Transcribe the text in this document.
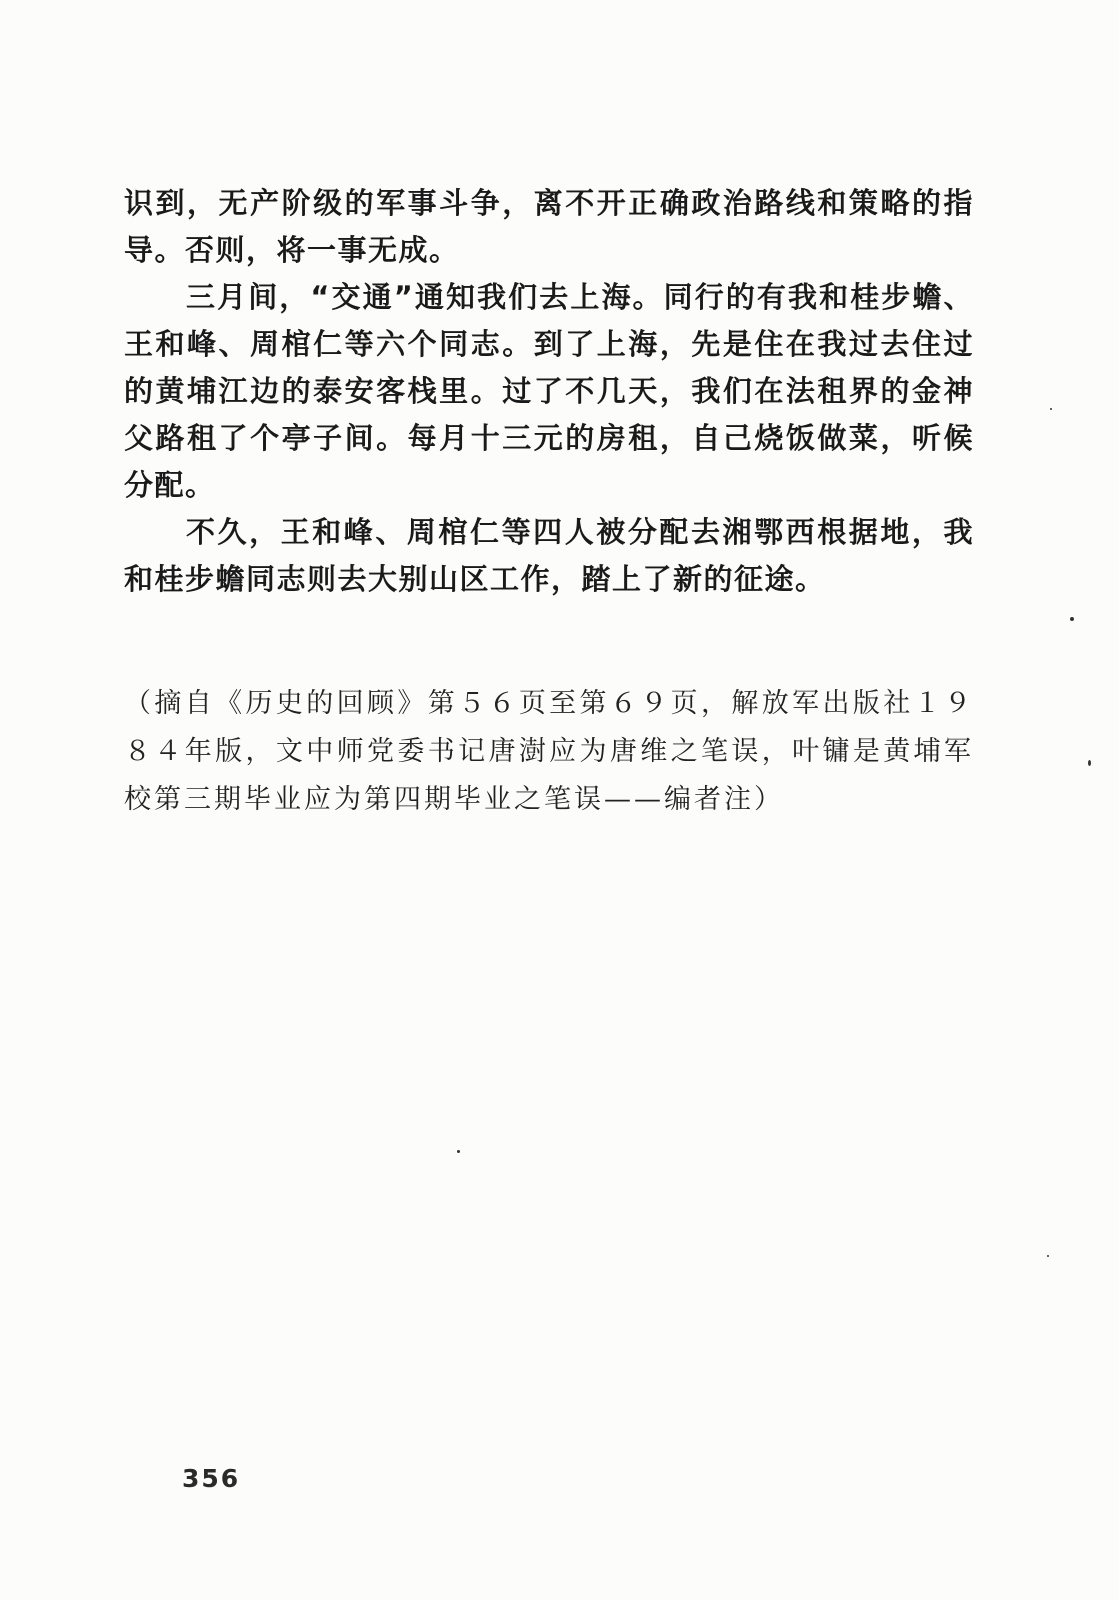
识到，无产阶级的军事斗争，离不开正确政治路线和策略的指导。否则，将一事无成。

三月间，“交通”通知我们去上海。同行的有我和桂步蟾、王和峰、周棺仁等六个同志。到了上海，先是住在我过去住过的黄埔江边的泰安客栈里。过了不几天，我们在法租界的金神父路租了个亭子间。每月十三元的房租，自己烧饭做菜，听候分配。

不久，王和峰、周棺仁等四人被分配去湘鄂西根据地，我和桂步蟾同志则去大别山区工作，踏上了新的征途。

（摘自《历史的回顾》第５６页至第６９页，解放军出版社１９８４年版，文中师党委书记唐澍应为唐维之笔误，叶镛是黄埔军校第三期毕业应为第四期毕业之笔误——编者注）

356
